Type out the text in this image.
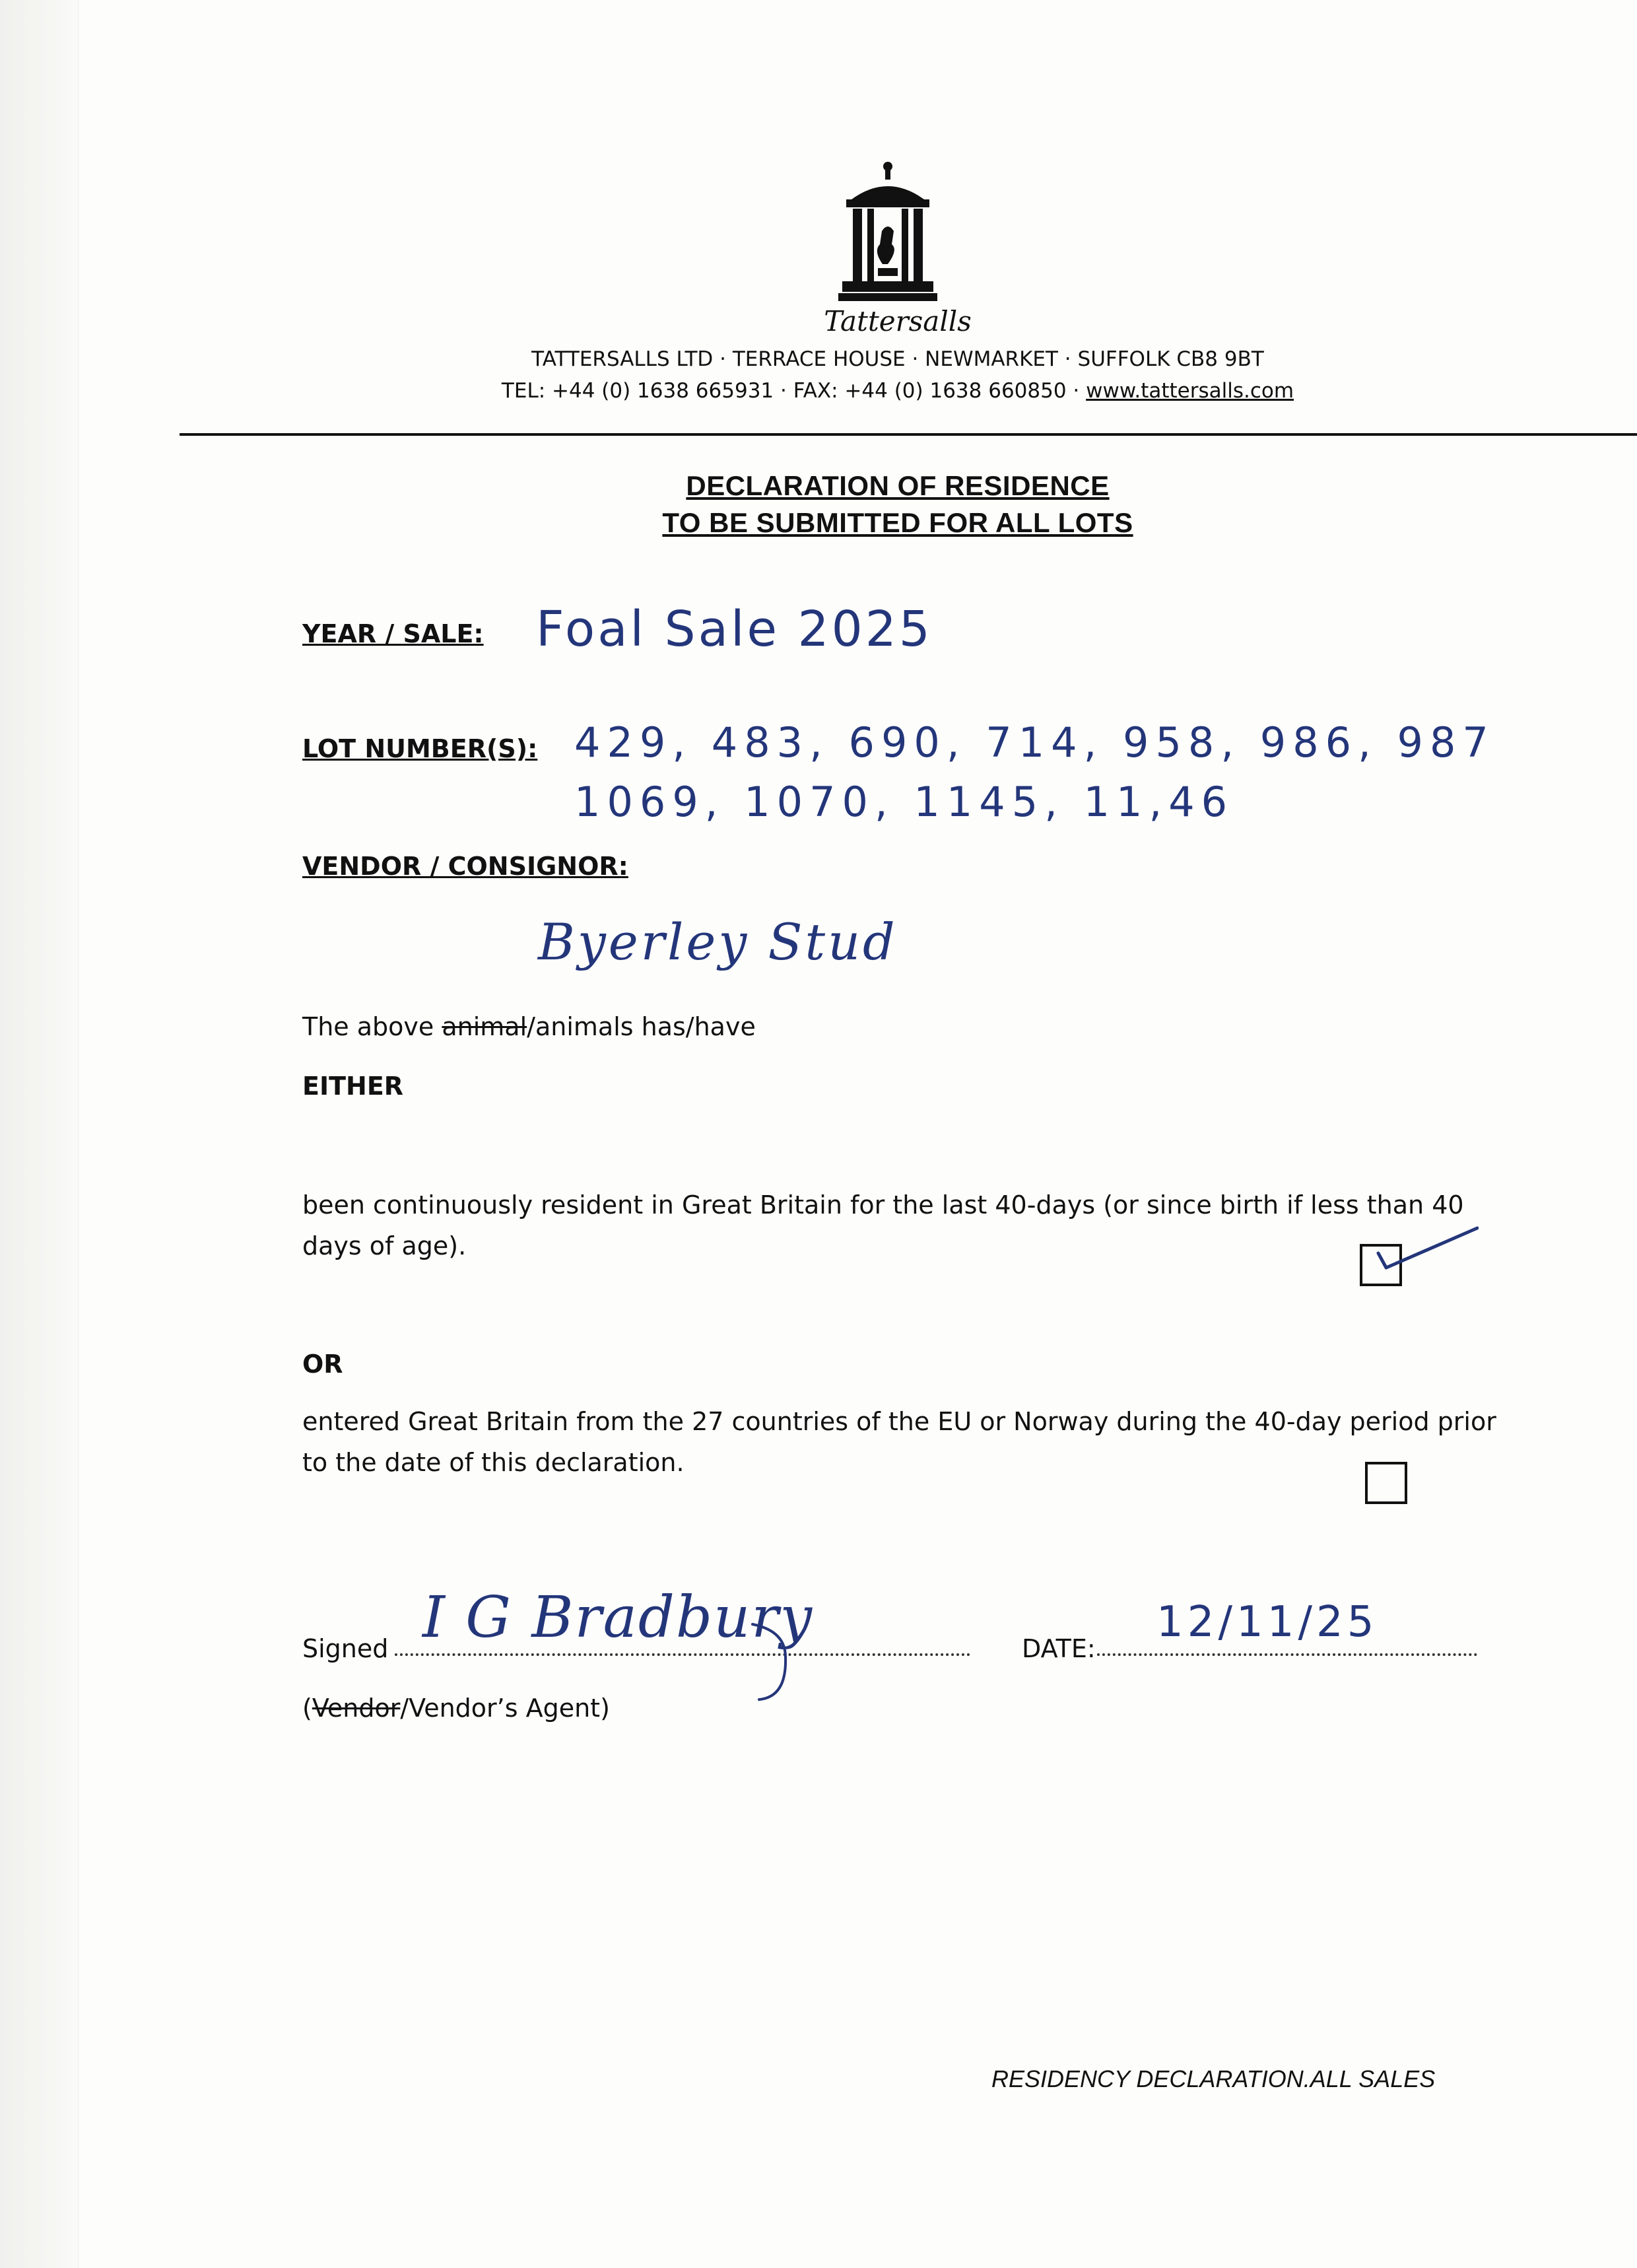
Tattersalls
TATTERSALLS LTD · TERRACE HOUSE · NEWMARKET · SUFFOLK CB8 9BT
TEL: +44 (0) 1638 665931 · FAX: +44 (0) 1638 660850 · www.tattersalls.com
DECLARATION OF RESIDENCE
TO BE SUBMITTED FOR ALL LOTS
YEAR / SALE: Foal Sale 2025
LOT NUMBER(S): 429, 483, 690, 714, 958, 986, 987
1069, 1070, 1145, 11,46
VENDOR / CONSIGNOR:
Byerley Stud
The above animal/animals has/have
EITHER
been continuously resident in Great Britain for the last 40-days (or since birth if less than 40 days of age).
OR
entered Great Britain from the 27 countries of the EU or Norway during the 40-day period prior to the date of this declaration.
Signed I G Bradbury	DATE:
12/11/25
(Vendor/Vendor’s Agent)
RESIDENCY DECLARATION.ALL SALES
